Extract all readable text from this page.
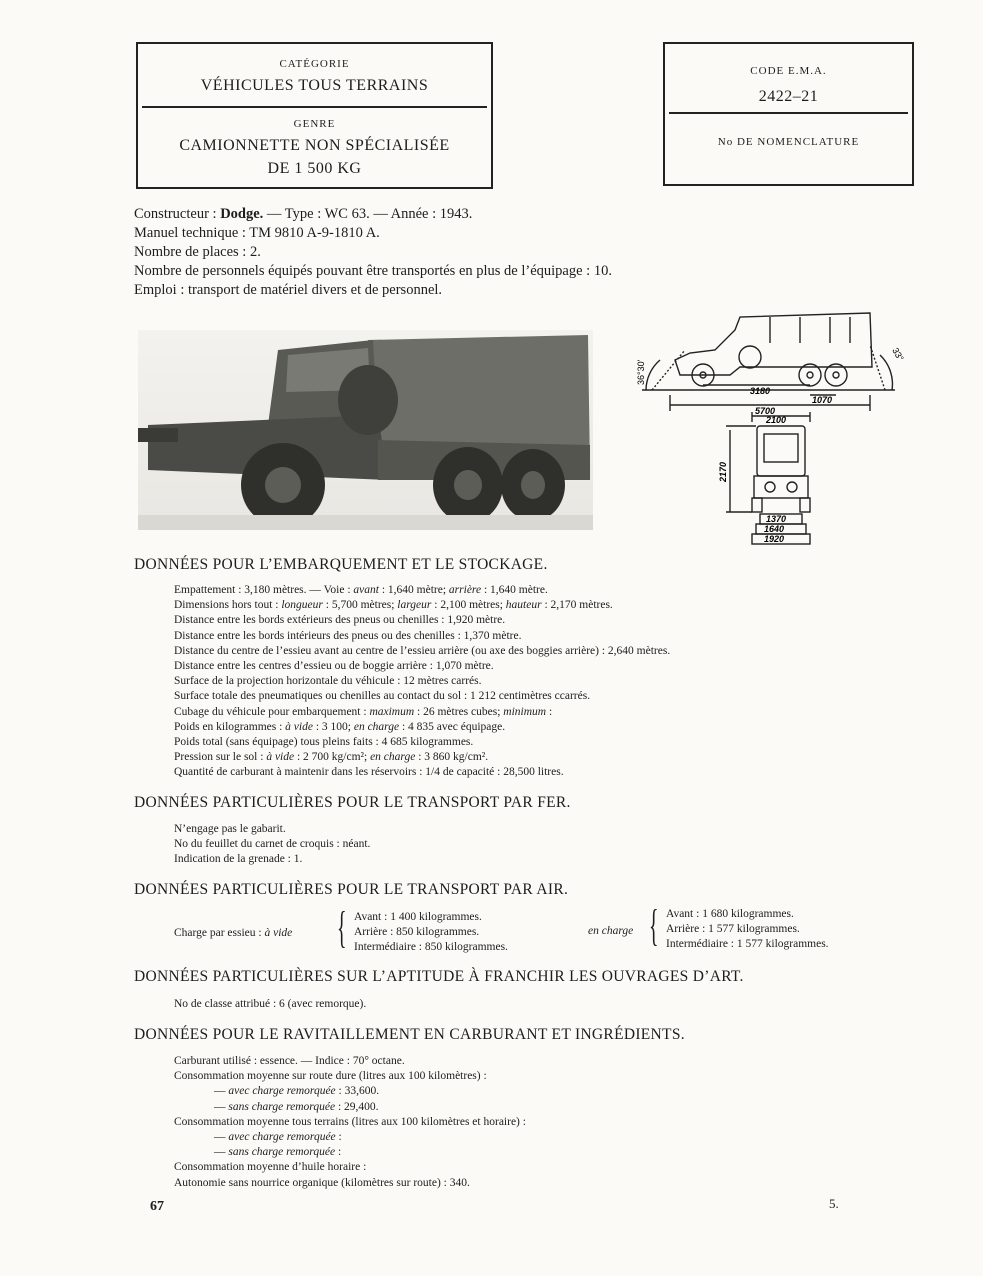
CATÉGORIE
VÉHICULES TOUS TERRAINS
GENRE
CAMIONNETTE NON SPÉCIALISÉE
DE 1 500 KG
CODE E.M.A.
2422–21
No DE NOMENCLATURE
Constructeur : Dodge. — Type : WC 63. — Année : 1943.
Manuel technique : TM 9810 A-9-1810 A.
Nombre de places : 2.
Nombre de personnels équipés pouvant être transportés en plus de l’équipage : 10.
Emploi : transport de matériel divers et de personnel.
36°30'
33°
3180
1070
5700
2100
2170
1370
1640
1920
DONNÉES POUR L’EMBARQUEMENT ET LE STOCKAGE.
Empattement : 3,180 mètres. — Voie : avant : 1,640 mètre; arrière : 1,640 mètre.
Dimensions hors tout : longueur : 5,700 mètres; largeur : 2,100 mètres; hauteur : 2,170 mètres.
Distance entre les bords extérieurs des pneus ou chenilles : 1,920 mètre.
Distance entre les bords intérieurs des pneus ou des chenilles : 1,370 mètre.
Distance du centre de l’essieu avant au centre de l’essieu arrière (ou axe des boggies arrière) : 2,640 mètres.
Distance entre les centres d’essieu ou de boggie arrière : 1,070 mètre.
Surface de la projection horizontale du véhicule : 12 mètres carrés.
Surface totale des pneumatiques ou chenilles au contact du sol : 1 212 centimètres ccarrés.
Cubage du véhicule pour embarquement : maximum : 26 mètres cubes; minimum :
Poids en kilogrammes : à vide : 3 100; en charge : 4 835 avec équipage.
Poids total (sans équipage) tous pleins faits : 4 685 kilogrammes.
Pression sur le sol : à vide : 2 700 kg/cm²; en charge : 3 860 kg/cm².
Quantité de carburant à maintenir dans les réservoirs : 1/4 de capacité : 28,500 litres.
DONNÉES PARTICULIÈRES POUR LE TRANSPORT PAR FER.
N’engage pas le gabarit.
No du feuillet du carnet de croquis : néant.
Indication de la grenade : 1.
DONNÉES PARTICULIÈRES POUR LE TRANSPORT PAR AIR.
Charge par essieu : à vide { Avant : 1 400 kilogrammes.
Arrière : 850 kilogrammes.
Intermédiaire : 850 kilogrammes.
en charge { Avant : 1 680 kilogrammes.
Arrière : 1 577 kilogrammes.
Intermédiaire : 1 577 kilogrammes.
DONNÉES PARTICULIÈRES SUR L’APTITUDE À FRANCHIR LES OUVRAGES D’ART.
No de classe attribué : 6 (avec remorque).
DONNÉES POUR LE RAVITAILLEMENT EN CARBURANT ET INGRÉDIENTS.
Carburant utilisé : essence. — Indice : 70° octane.
Consommation moyenne sur route dure (litres aux 100 kilomètres) :
— avec charge remorquée : 33,600.
— sans charge remorquée : 29,400.
Consommation moyenne tous terrains (litres aux 100 kilomètres et horaire) :
— avec charge remorquée :
— sans charge remorquée :
Consommation moyenne d’huile horaire :
Autonomie sans nourrice organique (kilomètres sur route) : 340.
67	5.
